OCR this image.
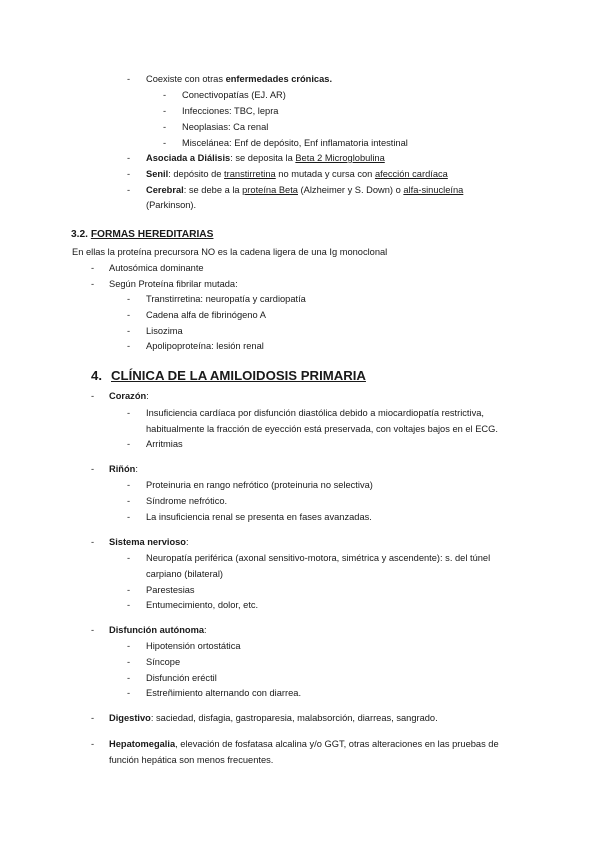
- Coexiste con otras enfermedades crónicas.
- Conectivopatías (EJ. AR)
- Infecciones: TBC, lepra
- Neoplasias: Ca renal
- Miscelánea: Enf de depósito, Enf inflamatoria intestinal
- Asociada a Diálisis: se deposita la Beta 2 Microglobulina
- Senil: depósito de transtirretina no mutada y cursa con afección cardíaca
- Cerebral: se debe a la proteína Beta (Alzheimer y S. Down) o alfa-sinucleína
(Parkinson).
3.2. FORMAS HEREDITARIAS
En ellas la proteína precursora NO es la cadena ligera de una Ig monoclonal
- Autosómica dominante
- Según Proteína fibrilar mutada:
- Transtirretina: neuropatía y cardiopatía
- Cadena alfa de fibrinógeno A
- Lisozima
- Apolipoproteína: lesión renal
4. CLÍNICA DE LA AMILOIDOSIS PRIMARIA
- Corazón:
- Insuficiencia cardíaca por disfunción diastólica debido a miocardiopatía restrictiva,
habitualmente la fracción de eyección está preservada, con voltajes bajos en el ECG.
- Arritmias
- Riñón:
- Proteinuria en rango nefrótico (proteinuria no selectiva)
- Síndrome nefrótico.
- La insuficiencia renal se presenta en fases avanzadas.
- Sistema nervioso:
- Neuropatía periférica (axonal sensitivo-motora, simétrica y ascendente): s. del túnel
carpiano (bilateral)
- Parestesias
- Entumecimiento, dolor, etc.
- Disfunción autónoma:
- Hipotensión ortostática
- Síncope
- Disfunción eréctil
- Estreñimiento alternando con diarrea.
- Digestivo: saciedad, disfagia, gastroparesia, malabsorción, diarreas, sangrado.
- Hepatomegalia, elevación de fosfatasa alcalina y/o GGT, otras alteraciones en las pruebas de
función hepática son menos frecuentes.
